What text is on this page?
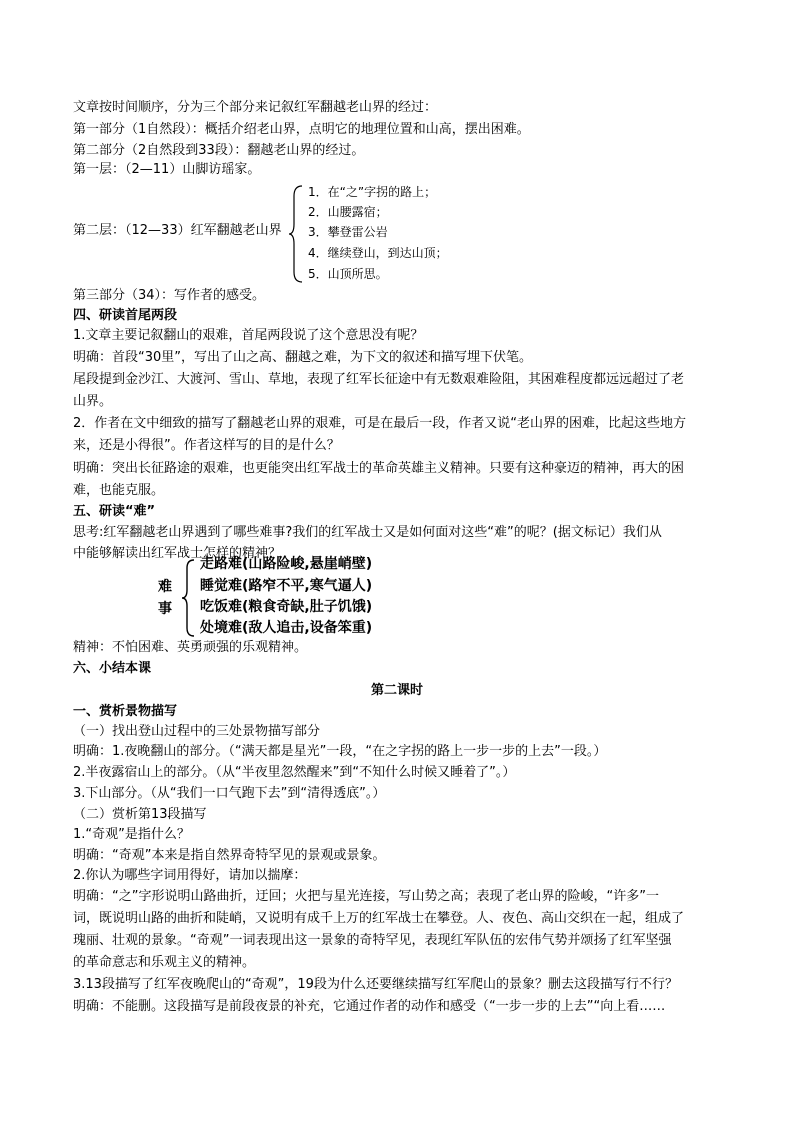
文章按时间顺序，分为三个部分来记叙红军翻越老山界的经过：
第一部分（1自然段）：概括介绍老山界，点明它的地理位置和山高，摆出困难。
第二部分（2自然段到33段）：翻越老山界的经过。
第一层：（2—11）山脚访瑶家。
第二层：（12—33）红军翻越老山界
1．在“之”字拐的路上；
2．山腰露宿；
3．攀登雷公岩
4．继续登山，到达山顶；
5．山顶所思。
第三部分（34）：写作者的感受。
四、研读首尾两段
1.文章主要记叙翻山的艰难，首尾两段说了这个意思没有呢？
明确：首段“30里”，写出了山之高、翻越之难，为下文的叙述和描写埋下伏笔。
尾段提到金沙江、大渡河、雪山、草地，表现了红军长征途中有无数艰难险阻，其困难程度都远远超过了老
山界。
2．作者在文中细致的描写了翻越老山界的艰难，可是在最后一段，作者又说“老山界的困难，比起这些地方
来，还是小得很”。作者这样写的目的是什么？
明确：突出长征路途的艰难，也更能突出红军战士的革命英雄主义精神。只要有这种豪迈的精神，再大的困
难，也能克服。
五、研读“难”
思考:红军翻越老山界遇到了哪些难事?我们的红军战士又是如何面对这些“难”的呢？(据文标记）我们从
中能够解读出红军战士怎样的精神？
难
事
走路难(山路险峻,悬崖峭壁)
睡觉难(路窄不平,寒气逼人)
吃饭难(粮食奇缺,肚子饥饿)
处境难(敌人追击,设备笨重)
精神：不怕困难、英勇顽强的乐观精神。
六、小结本课
第二课时
一、赏析景物描写
（一）找出登山过程中的三处景物描写部分
明确：1.夜晚翻山的部分。（“满天都是星光”一段，“在之字拐的路上一步一步的上去”一段。）
2.半夜露宿山上的部分。（从“半夜里忽然醒来”到“不知什么时候又睡着了”。）
3.下山部分。（从“我们一口气跑下去”到“清得透底”。）
（二）赏析第13段描写
1.“奇观”是指什么？
明确：“奇观”本来是指自然界奇特罕见的景观或景象。
2.你认为哪些字词用得好，请加以揣摩：
明确：“之”字形说明山路曲折，迂回；火把与星光连接，写山势之高；表现了老山界的险峻，“许多”一
词，既说明山路的曲折和陡峭，又说明有成千上万的红军战士在攀登。人、夜色、高山交织在一起，组成了
瑰丽、壮观的景象。“奇观”一词表现出这一景象的奇特罕见，表现红军队伍的宏伟气势并颂扬了红军坚强
的革命意志和乐观主义的精神。
3.13段描写了红军夜晚爬山的“奇观”，19段为什么还要继续描写红军爬山的景象？删去这段描写行不行？
明确：不能删。这段描写是前段夜景的补充，它通过作者的动作和感受（“一步一步的上去”“向上看……
